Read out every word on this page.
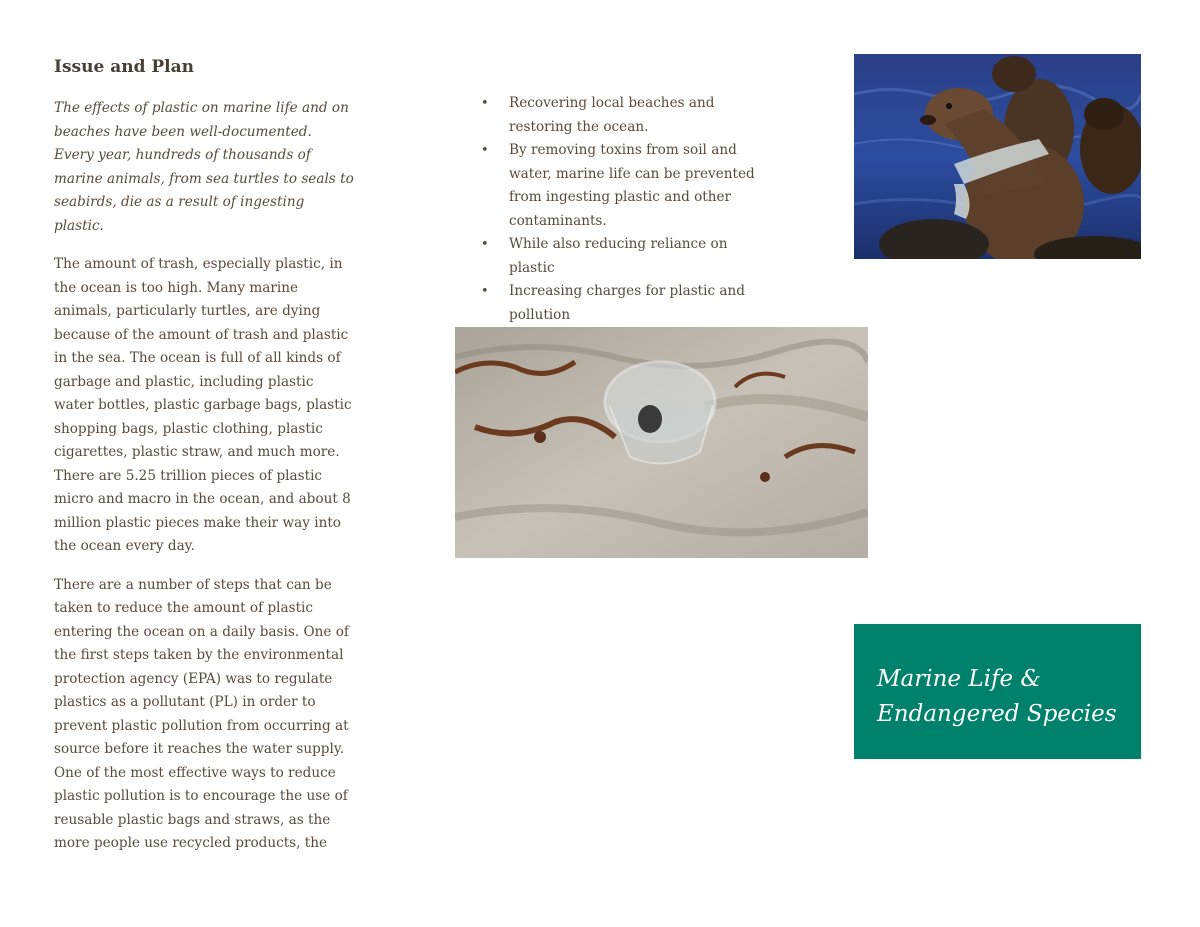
Issue and Plan

The effects of plastic on marine life and on beaches have been well-documented. Every year, hundreds of thousands of marine animals, from sea turtles to seals to seabirds, die as a result of ingesting plastic.

The amount of trash, especially plastic, in the ocean is too high. Many marine animals, particularly turtles, are dying because of the amount of trash and plastic in the sea. The ocean is full of all kinds of garbage and plastic, including plastic water bottles, plastic garbage bags, plastic shopping bags, plastic clothing, plastic cigarettes, plastic straw, and much more. There are 5.25 trillion pieces of plastic micro and macro in the ocean, and about 8 million plastic pieces make their way into the ocean every day.

There are a number of steps that can be taken to reduce the amount of plastic entering the ocean on a daily basis. One of the first steps taken by the environmental protection agency (EPA) was to regulate plastics as a pollutant (PL) in order to prevent plastic pollution from occurring at source before it reaches the water supply. One of the most effective ways to reduce plastic pollution is to encourage the use of reusable plastic bags and straws, as the more people use recycled products, the

• Recovering local beaches and restoring the ocean.
• By removing toxins from soil and water, marine life can be prevented from ingesting plastic and other contaminants.
• While also reducing reliance on plastic
• Increasing charges for plastic and pollution

Marine Life & Endangered Species
